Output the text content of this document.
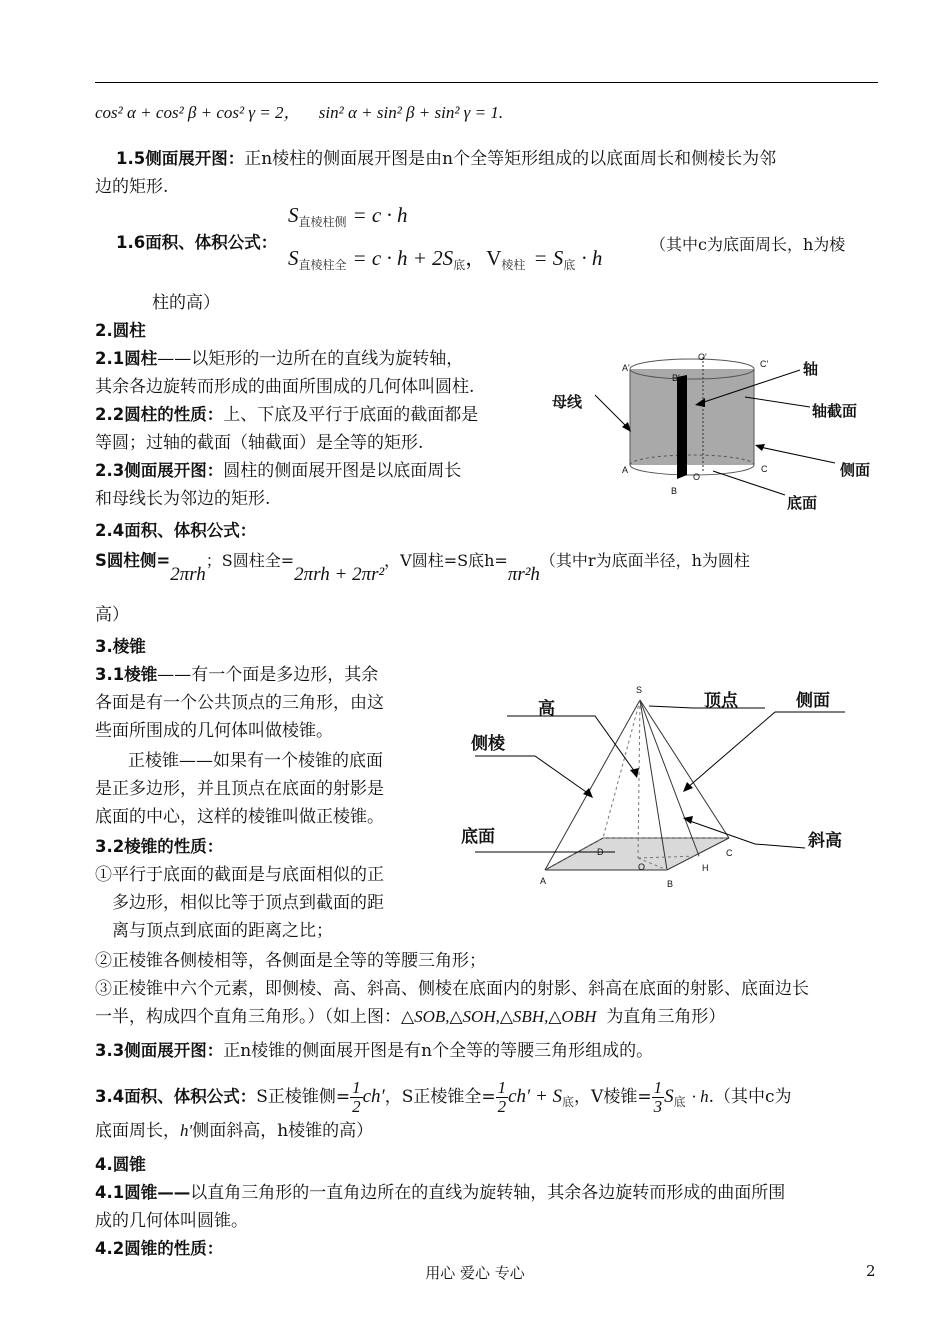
cos² α + cos² β + cos² γ = 2， sin² α + sin² β + sin² γ = 1.
1.5侧面展开图：正n棱柱的侧面展开图是由n个全等矩形组成的以底面周长和侧棱长为邻
边的矩形.
1.6面积、体积公式：
$S_{直棱柱侧} = c \cdot h$
$S_{直棱柱全} = c \cdot h + 2S_底$，$V_{棱柱} = S_底 \cdot h$
（其中c为底面周长，h为棱
柱的高）
2.圆柱
2.1圆柱——以矩形的一边所在的直线为旋转轴，
其余各边旋转而形成的曲面所围成的几何体叫圆柱.
2.2圆柱的性质：上、下底及平行于底面的截面都是
等圆；过轴的截面（轴截面）是全等的矩形.
2.3侧面展开图：圆柱的侧面展开图是以底面周长
和母线长为邻边的矩形.
2.4面积、体积公式：
S圆柱侧=2πrh；S圆柱全=2πrh + 2πr²，V圆柱=S底h=πr²h（其中r为底面半径，h为圆柱
高）
A'
O'
C'
B'
A
O
C
B
轴
母线	轴截面
侧面
底面
3.棱锥
3.1棱锥——有一个面是多边形，其余
各面是有一个公共顶点的三角形，由这
些面所围成的几何体叫做棱锥。
正棱锥——如果有一个棱锥的底面
是正多边形，并且顶点在底面的射影是
底面的中心，这样的棱锥叫做正棱锥。
3.2棱锥的性质：
①平行于底面的截面是与底面相似的正
多边形，相似比等于顶点到截面的距
离与顶点到底面的距离之比；
②正棱锥各侧棱相等，各侧面是全等的等腰三角形；
③正棱锥中六个元素，即侧棱、高、斜高、侧棱在底面内的射影、斜高在底面的射影、底面边长
一半，构成四个直角三角形。）（如上图：△SOB,△SOH,△SBH,△OBH 为直角三角形）
3.3侧面展开图：正n棱锥的侧面展开图是有n个全等的等腰三角形组成的。
3.4面积、体积公式：S正棱锥侧= $\frac{1}{2} ch'$，S正棱锥全= $\frac{1}{2} ch' + S_底$，V棱锥= $\frac{1}{3} S_底 \cdot h$.（其中c为
底面周长，h′侧面斜高，h棱锥的高）
S
D	C
O	H
A	B
高	顶点	侧面
侧棱
底面	斜高
4.圆锥
4.1圆锥——以直角三角形的一直角边所在的直线为旋转轴，其余各边旋转而形成的曲面所围
成的几何体叫圆锥。
4.2圆锥的性质：
用心 爱心 专心	2
